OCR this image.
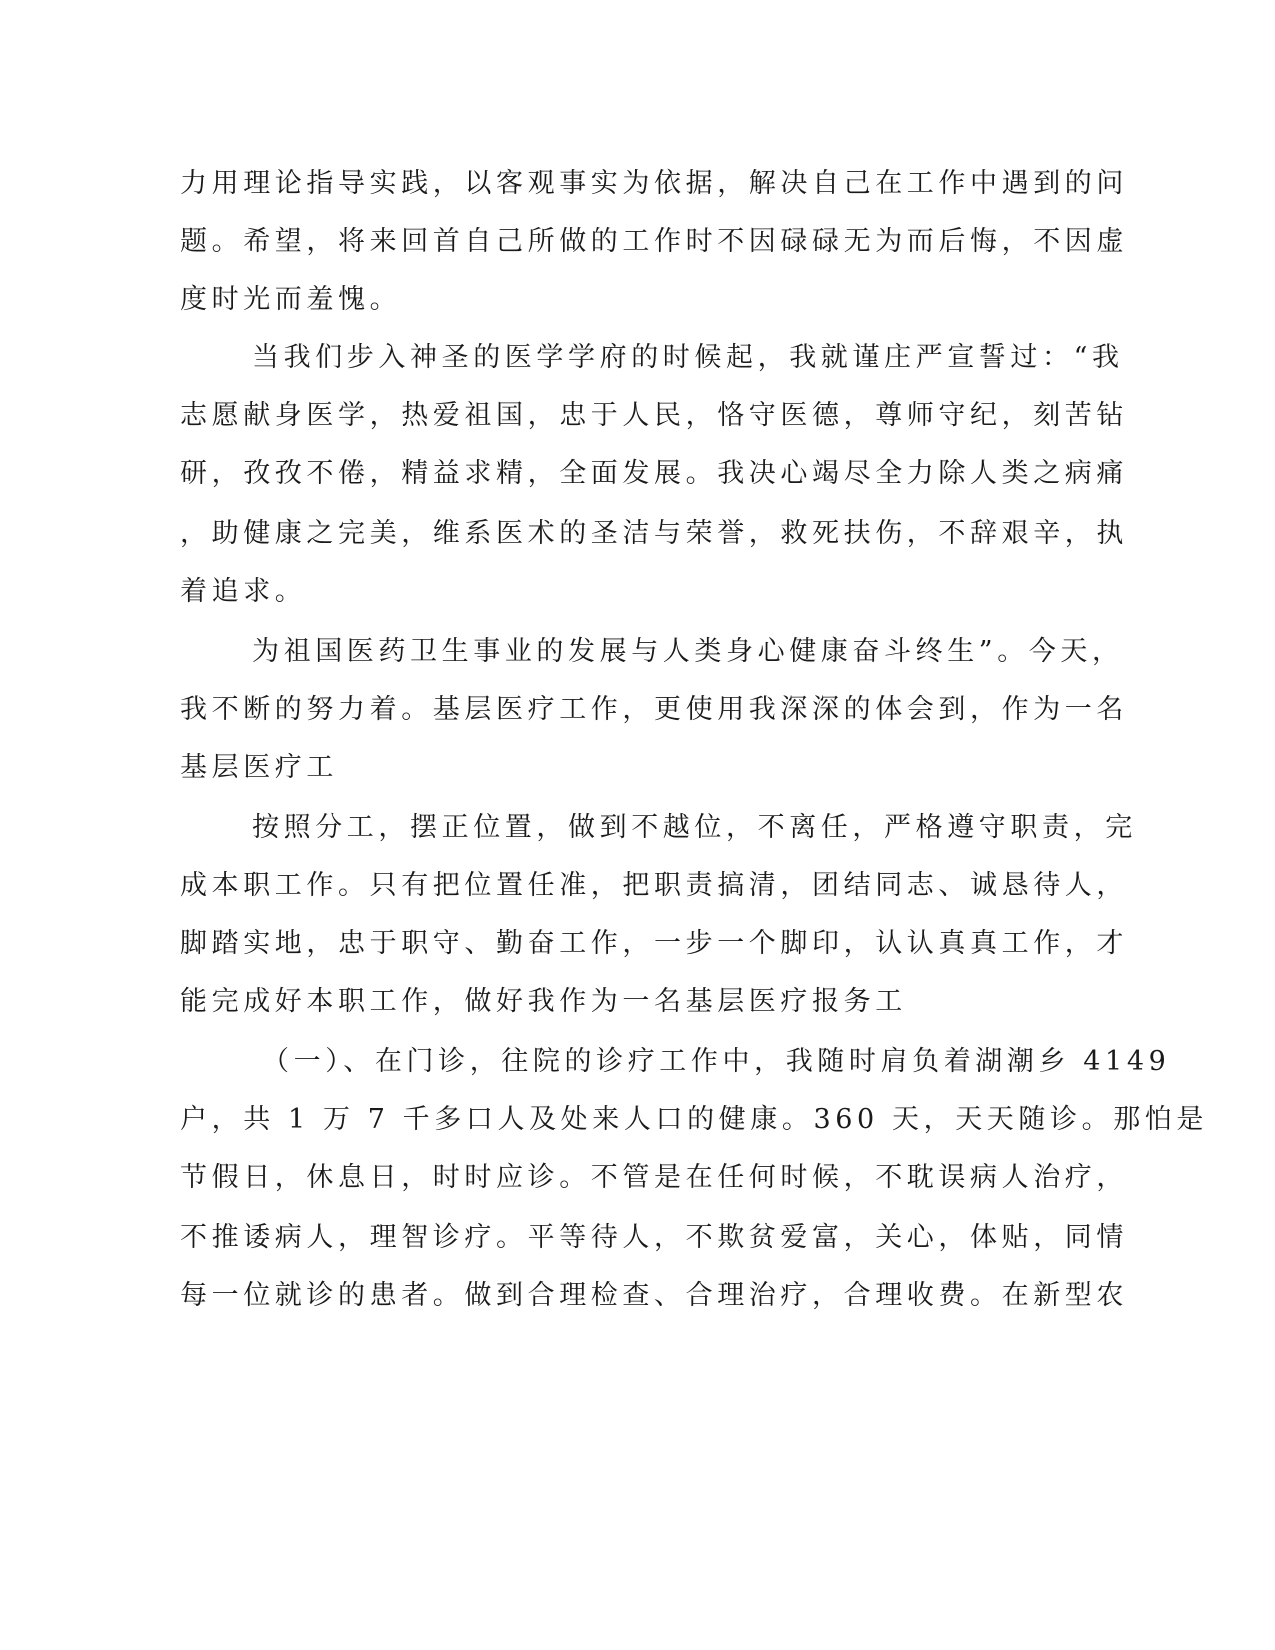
力用理论指导实践，以客观事实为依据，解决自己在工作中遇到的问

题。希望，将来回首自己所做的工作时不因碌碌无为而后悔，不因虚

度时光而羞愧。

当我们步入神圣的医学学府的时候起，我就谨庄严宣誓过：“我

志愿献身医学，热爱祖国，忠于人民，恪守医德，尊师守纪，刻苦钻

研，孜孜不倦，精益求精，全面发展。我决心竭尽全力除人类之病痛

，助健康之完美，维系医术的圣洁与荣誉，救死扶伤，不辞艰辛，执

着追求。

为祖国医药卫生事业的发展与人类身心健康奋斗终生”。今天，

我不断的努力着。基层医疗工作，更使用我深深的体会到，作为一名

基层医疗工

按照分工，摆正位置，做到不越位，不离任，严格遵守职责，完

成本职工作。只有把位置任准，把职责搞清，团结同志、诚恳待人，

脚踏实地，忠于职守、勤奋工作，一步一个脚印，认认真真工作，才

能完成好本职工作，做好我作为一名基层医疗报务工

（一）、在门诊，往院的诊疗工作中，我随时肩负着湖潮乡 4149

户，共 1 万 7 千多口人及处来人口的健康。360 天，天天随诊。那怕是

节假日，休息日，时时应诊。不管是在任何时候，不耽误病人治疗，

不推诿病人，理智诊疗。平等待人，不欺贫爱富，关心，体贴，同情

每一位就诊的患者。做到合理检查、合理治疗，合理收费。在新型农
